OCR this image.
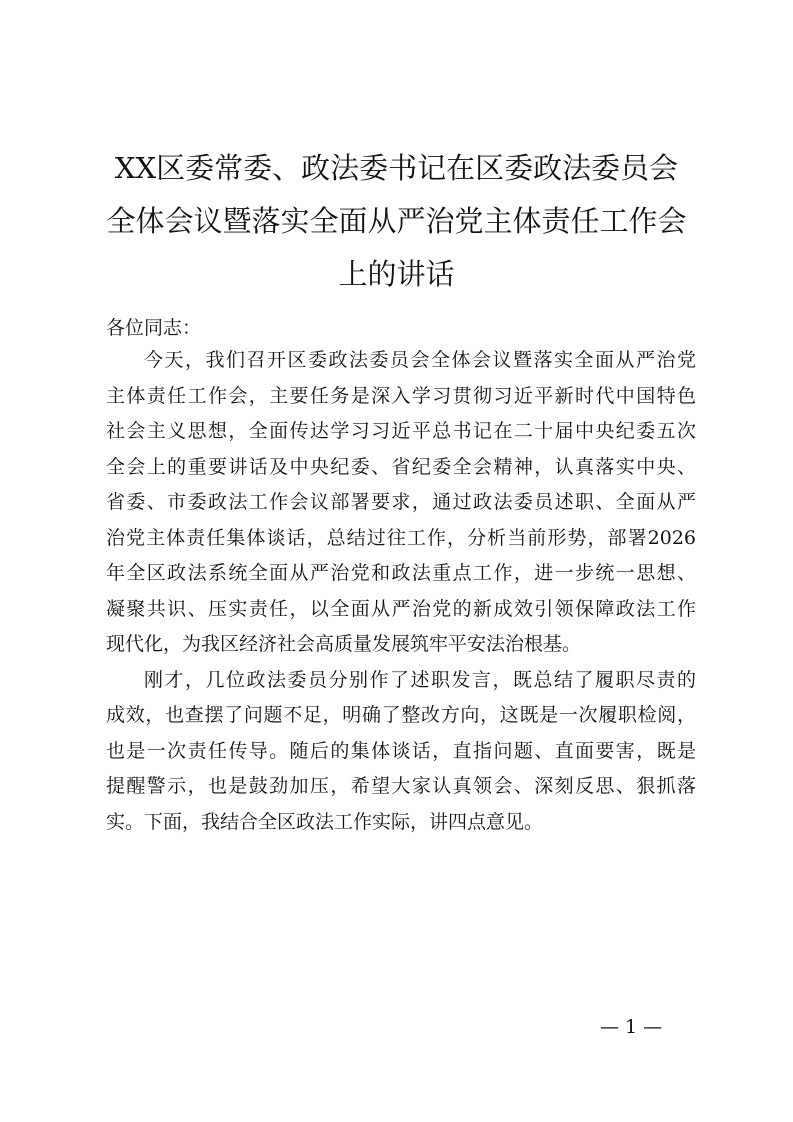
XX区委常委、政法委书记在区委政法委员会
全体会议暨落实全面从严治党主体责任工作会
上的讲话

各位同志：

今天，我们召开区委政法委员会全体会议暨落实全面从严治党
主体责任工作会，主要任务是深入学习贯彻习近平新时代中国特色
社会主义思想，全面传达学习习近平总书记在二十届中央纪委五次
全会上的重要讲话及中央纪委、省纪委全会精神，认真落实中央、
省委、市委政法工作会议部署要求，通过政法委员述职、全面从严
治党主体责任集体谈话，总结过往工作，分析当前形势，部署2026
年全区政法系统全面从严治党和政法重点工作，进一步统一思想、
凝聚共识、压实责任，以全面从严治党的新成效引领保障政法工作
现代化，为我区经济社会高质量发展筑牢平安法治根基。

刚才，几位政法委员分别作了述职发言，既总结了履职尽责的
成效，也查摆了问题不足，明确了整改方向，这既是一次履职检阅，
也是一次责任传导。随后的集体谈话，直指问题、直面要害，既是
提醒警示，也是鼓劲加压，希望大家认真领会、深刻反思、狠抓落
实。下面，我结合全区政法工作实际，讲四点意见。

— 1 —
